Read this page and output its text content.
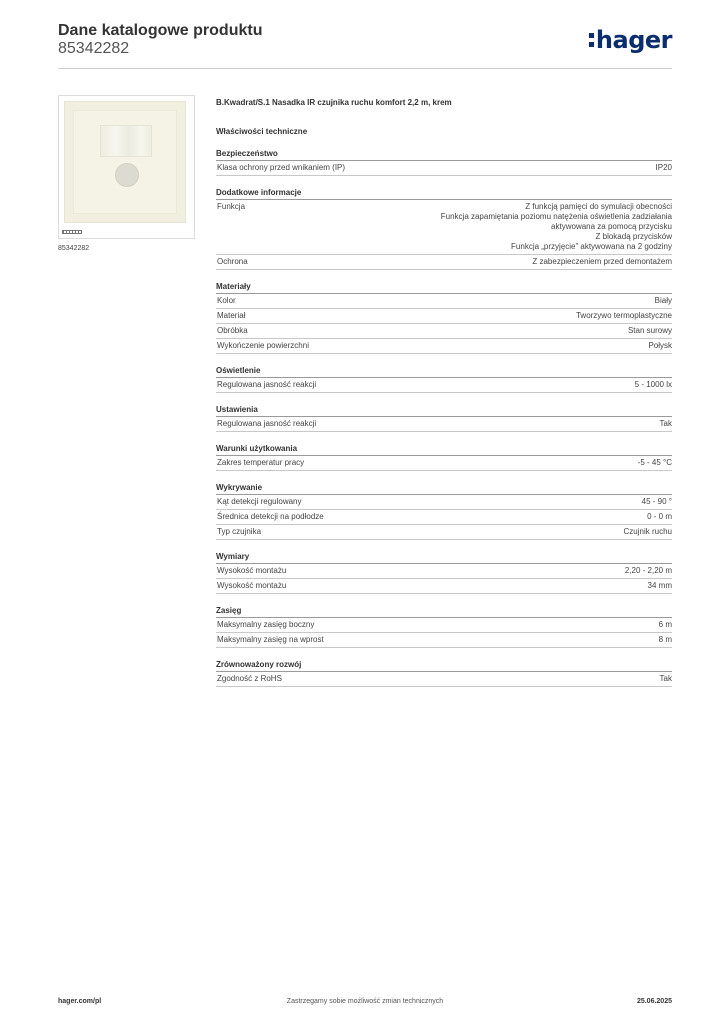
Dane katalogowe produktu
85342282	hager
85342282
B.Kwadrat/S.1 Nasadka IR czujnika ruchu komfort 2,2 m, krem
Właściwości techniczne
Bezpieczeństwo
Klasa ochrony przed wnikaniem (IP)	IP20
Dodatkowe informacje
Funkcja	Z funkcją pamięci do symulacji obecności
Funkcja zapamiętania poziomu natężenia oświetlenia zadziałania
aktywowana za pomocą przycisku
Z blokadą przycisków
Funkcja „przyjęcie” aktywowana na 2 godziny
Ochrona	Z zabezpieczeniem przed demontażem
Materiały
Kolor	Biały
Materiał	Tworzywo termoplastyczne
Obróbka	Stan surowy
Wykończenie powierzchni	Połysk
Oświetlenie
Regulowana jasność reakcji	5 - 1000 lx
Ustawienia
Regulowana jasność reakcji	Tak
Warunki użytkowania
Zakres temperatur pracy	-5 - 45 °C
Wykrywanie
Kąt detekcji regulowany	45 - 90 °
Średnica detekcji na podłodze	0 - 0 m
Typ czujnika	Czujnik ruchu
Wymiary
Wysokość montażu	2,20 - 2,20 m
Wysokość montażu	34 mm
Zasięg
Maksymalny zasięg boczny	6 m
Maksymalny zasięg na wprost	8 m
Zrównoważony rozwój
Zgodność z RoHS	Tak
Zastrzegamy sobie możliwość zmian technicznych
hager.com/pl	25.06.2025
